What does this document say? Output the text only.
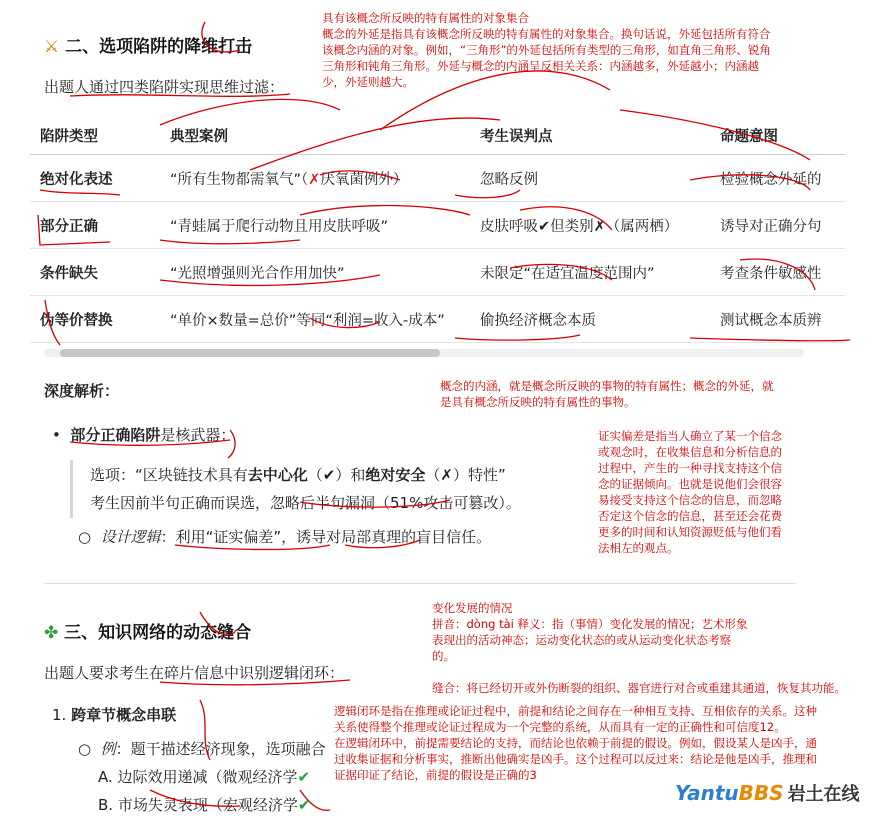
⚔ 二、选项陷阱的降维打击
出题人通过四类陷阱实现思维过滤：
陷阱类型	典型案例	考生误判点	命题意图
绝对化表述	“所有生物都需氧气”（✗厌氧菌例外）	忽略反例	检验概念外延的
部分正确	“青蛙属于爬行动物且用皮肤呼吸”	皮肤呼吸✔但类别✗（属两栖）	诱导对正确分句
条件缺失	“光照增强则光合作用加快”	未限定“在适宜温度范围内”	考查条件敏感性
伪等价替换	“单价×数量=总价”等同“利润=收入-成本”	偷换经济概念本质	测试概念本质辨
深度解析：
•  部分正确陷阱是核武器：
选项：“区块链技术具有去中心化（✔）和绝对安全（✗）特性”
考生因前半句正确而误选，忽略后半句漏洞（51%攻击可篡改）。
○  设计逻辑：利用“证实偏差”，诱导对局部真理的盲目信任。
✤ 三、知识网络的动态缝合
出题人要求考生在碎片信息中识别逻辑闭环：
1. 跨章节概念串联
○  例：题干描述经济现象，选项融合
A. 边际效用递减（微观经济学✔
B. 市场失灵表现（宏观经济学✔
具有该概念所反映的特有属性的对象集合
概念的外延是指具有该概念所反映的特有属性的对象集合。换句话说，外延包括所有符合该概念内涵的对象。例如，“三角形”的外延包括所有类型的三角形，如直角三角形、锐角三角形和钝角三角形。外延与概念的内涵呈反相关关系：内涵越多，外延越小；内涵越少，外延则越大。
概念的内涵，就是概念所反映的事物的特有属性；概念的外延，就是具有概念所反映的特有属性的事物。
证实偏差是指当人确立了某一个信念或观念时，在收集信息和分析信息的过程中，产生的一种寻找支持这个信念的证据倾向。也就是说他们会很容易接受支持这个信念的信息，而忽略否定这个信念的信息，甚至还会花费更多的时间和认知资源贬低与他们看法相左的观点。
变化发展的情况
拼音：dòng tài 释义：指（事情）变化发展的情况；艺术形象表现出的活动神态；运动变化状态的或从运动变化状态考察的。
缝合：将已经切开或外伤断裂的组织、器官进行对合或重建其通道，恢复其功能。
逻辑闭环是指在推理或论证过程中，前提和结论之间存在一种相互支持、互相依存的关系。这种关系使得整个推理或论证过程成为一个完整的系统，从而具有一定的正确性和可信度12。
在逻辑闭环中，前提需要结论的支持，而结论也依赖于前提的假设。例如，假设某人是凶手，通过收集证据和分析事实，推断出他确实是凶手。这个过程可以反过来：结论是他是凶手，推理和证据印证了结论，前提的假设是正确的3
YantuBBS 岩土在线
